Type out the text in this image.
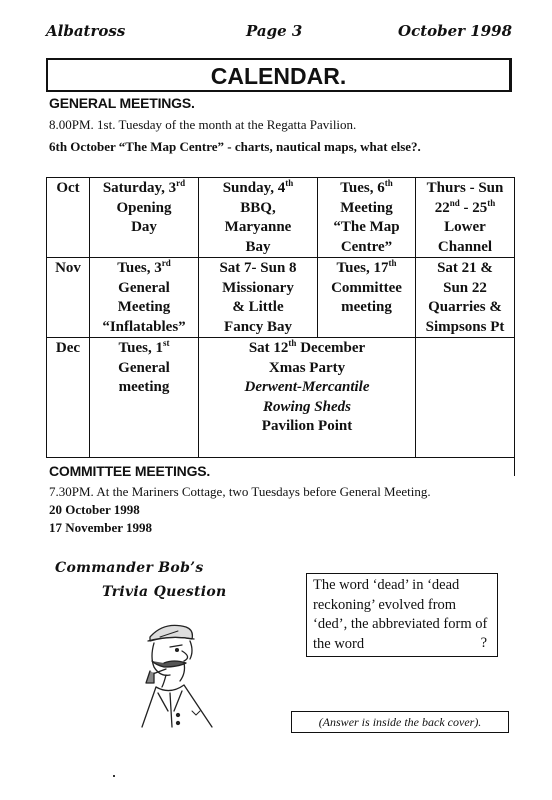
Albatross	Page 3	October 1998
CALENDAR.
GENERAL MEETINGS.
8.00PM. 1st. Tuesday of the month at the Regatta Pavilion.
6th October “The Map Centre” - charts, nautical maps, what else?.
Oct	Saturday, 3rd
Opening
Day	Sunday, 4th
BBQ,
Maryanne
Bay	Tues, 6th
Meeting
“The Map
Centre”	Thurs - Sun
22nd - 25th
Lower
Channel
Nov	Tues, 3rd
General
Meeting
“Inflatables”	Sat 7- Sun 8
Missionary
& Little
Fancy Bay	Tues, 17th
Committee
meeting	Sat 21 &
Sun 22
Quarries &
Simpsons Pt
Dec	Tues, 1st
General
meeting	Sat 12th December
Xmas Party
Derwent-Mercantile
Rowing Sheds
Pavilion Point		
COMMITTEE MEETINGS.
7.30PM. At the Mariners Cottage, two Tuesdays before General Meeting.
20 October 1998
17 November 1998
Commander Bob’s
Trivia Question	The word ‘dead’ in ‘dead reckoning’ evolved from ‘ded’, the abbreviated form of the word	?
(Answer is inside the back cover).
